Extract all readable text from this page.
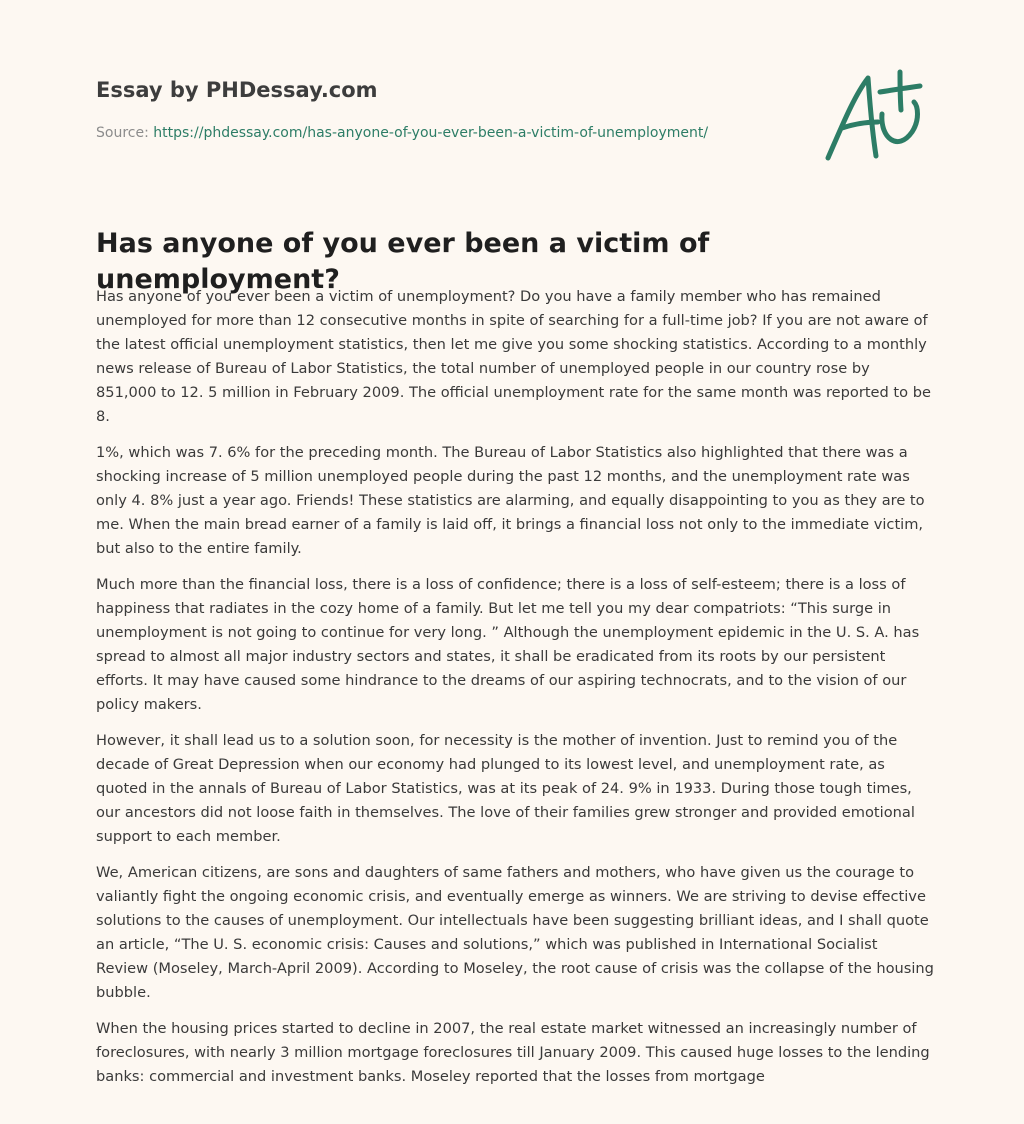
Essay by PHDessay.com
Source: https://phdessay.com/has-anyone-of-you-ever-been-a-victim-of-unemployment/
Has anyone of you ever been a victim of unemployment?

Has anyone of you ever been a victim of unemployment? Do you have a family member who has remained unemployed for more than 12 consecutive months in spite of searching for a full-time job? If you are not aware of the latest official unemployment statistics, then let me give you some shocking statistics. According to a monthly news release of Bureau of Labor Statistics, the total number of unemployed people in our country rose by 851,000 to 12. 5 million in February 2009. The official unemployment rate for the same month was reported to be 8.

1%, which was 7. 6% for the preceding month. The Bureau of Labor Statistics also highlighted that there was a shocking increase of 5 million unemployed people during the past 12 months, and the unemployment rate was only 4. 8% just a year ago. Friends! These statistics are alarming, and equally disappointing to you as they are to me. When the main bread earner of a family is laid off, it brings a financial loss not only to the immediate victim, but also to the entire family.

Much more than the financial loss, there is a loss of confidence; there is a loss of self-esteem; there is a loss of happiness that radiates in the cozy home of a family. But let me tell you my dear compatriots: “This surge in unemployment is not going to continue for very long. ” Although the unemployment epidemic in the U. S. A. has spread to almost all major industry sectors and states, it shall be eradicated from its roots by our persistent efforts. It may have caused some hindrance to the dreams of our aspiring technocrats, and to the vision of our policy makers.

However, it shall lead us to a solution soon, for necessity is the mother of invention. Just to remind you of the decade of Great Depression when our economy had plunged to its lowest level, and unemployment rate, as quoted in the annals of Bureau of Labor Statistics, was at its peak of 24. 9% in 1933. During those tough times, our ancestors did not loose faith in themselves. The love of their families grew stronger and provided emotional support to each member.

We, American citizens, are sons and daughters of same fathers and mothers, who have given us the courage to valiantly fight the ongoing economic crisis, and eventually emerge as winners. We are striving to devise effective solutions to the causes of unemployment. Our intellectuals have been suggesting brilliant ideas, and I shall quote an article, “The U. S. economic crisis: Causes and solutions,” which was published in International Socialist Review (Moseley, March-April 2009). According to Moseley, the root cause of crisis was the collapse of the housing bubble.

When the housing prices started to decline in 2007, the real estate market witnessed an increasingly number of foreclosures, with nearly 3 million mortgage foreclosures till January 2009. This caused huge losses to the lending banks: commercial and investment banks. Moseley reported that the losses from mortgage
